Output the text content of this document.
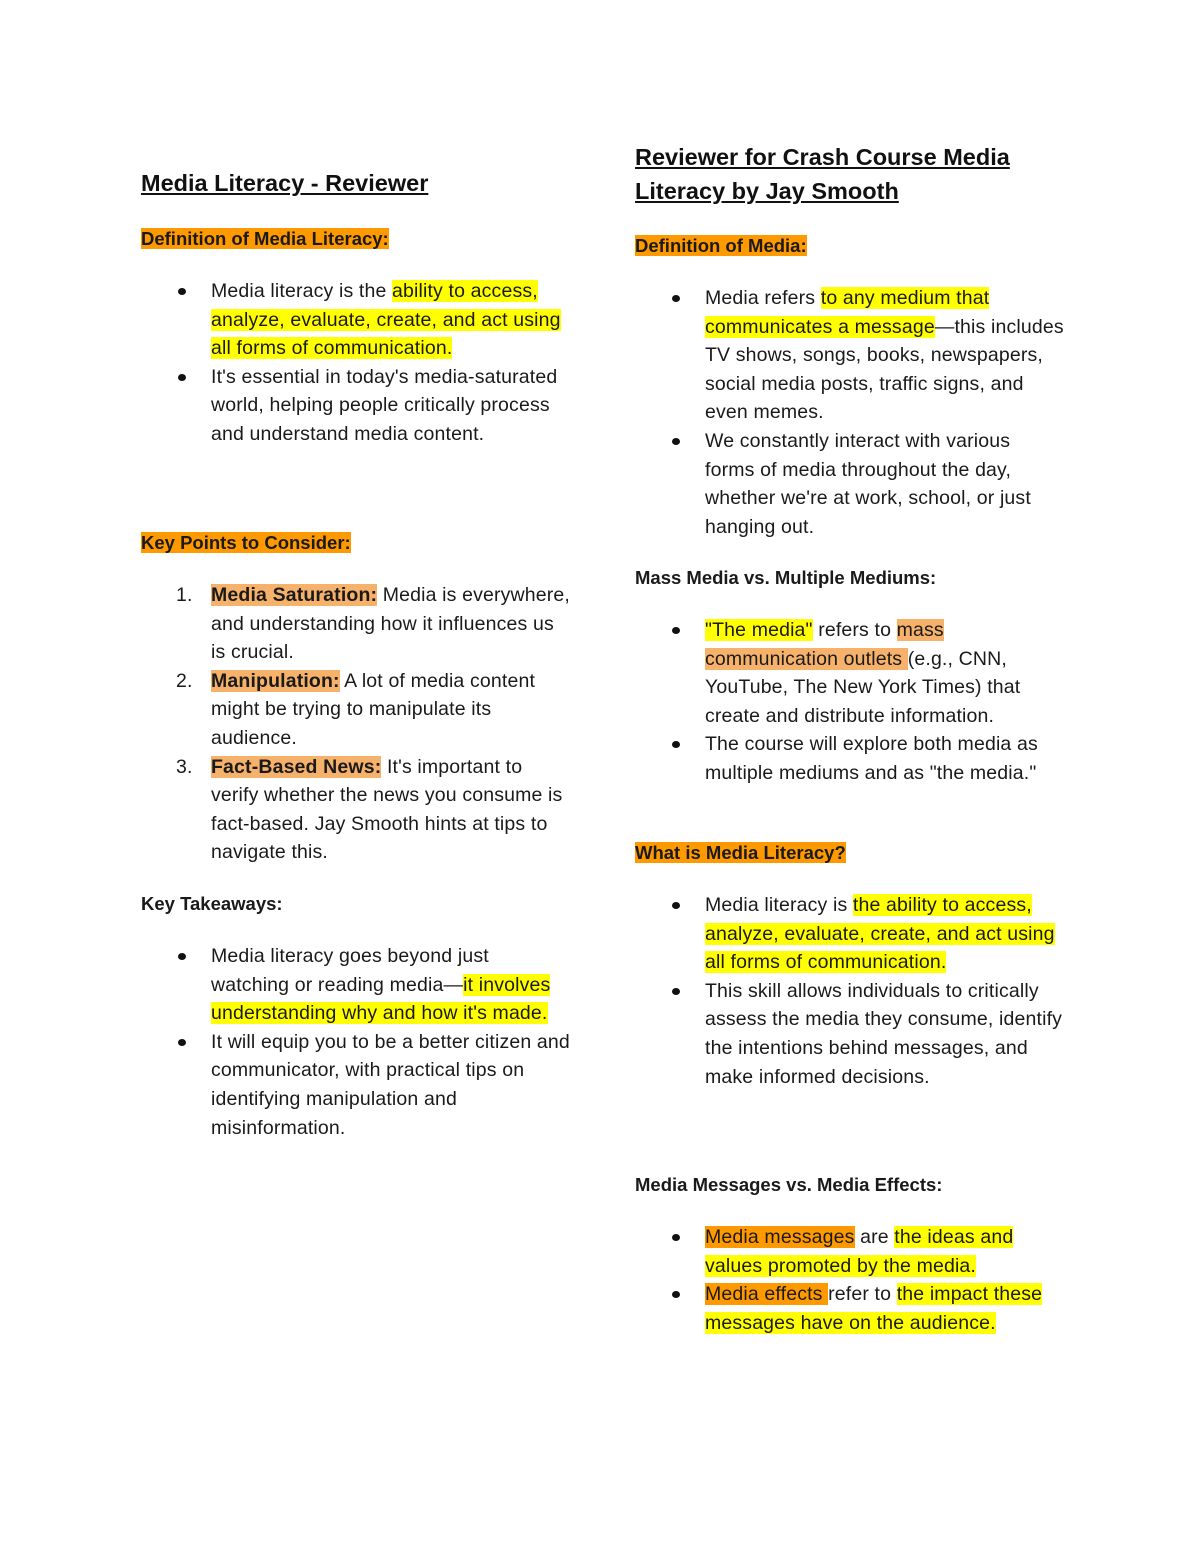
Media Literacy - Reviewer

Definition of Media Literacy:

Media literacy is the ability to access, analyze, evaluate, create, and act using all forms of communication.
It's essential in today's media-saturated world, helping people critically process and understand media content.

Key Points to Consider:

1. Media Saturation: Media is everywhere, and understanding how it influences us is crucial.
2. Manipulation: A lot of media content might be trying to manipulate its audience.
3. Fact-Based News: It's important to verify whether the news you consume is fact-based. Jay Smooth hints at tips to navigate this.

Key Takeaways:

Media literacy goes beyond just watching or reading media—it involves understanding why and how it's made.
It will equip you to be a better citizen and communicator, with practical tips on identifying manipulation and misinformation.
Reviewer for Crash Course Media Literacy by Jay Smooth

Definition of Media:

Media refers to any medium that communicates a message—this includes TV shows, songs, books, newspapers, social media posts, traffic signs, and even memes.
We constantly interact with various forms of media throughout the day, whether we're at work, school, or just hanging out.

Mass Media vs. Multiple Mediums:

"The media" refers to mass communication outlets (e.g., CNN, YouTube, The New York Times) that create and distribute information.
The course will explore both media as multiple mediums and as "the media."

What is Media Literacy?

Media literacy is the ability to access, analyze, evaluate, create, and act using all forms of communication.
This skill allows individuals to critically assess the media they consume, identify the intentions behind messages, and make informed decisions.

Media Messages vs. Media Effects:

Media messages are the ideas and values promoted by the media.
Media effects refer to the impact these messages have on the audience.
